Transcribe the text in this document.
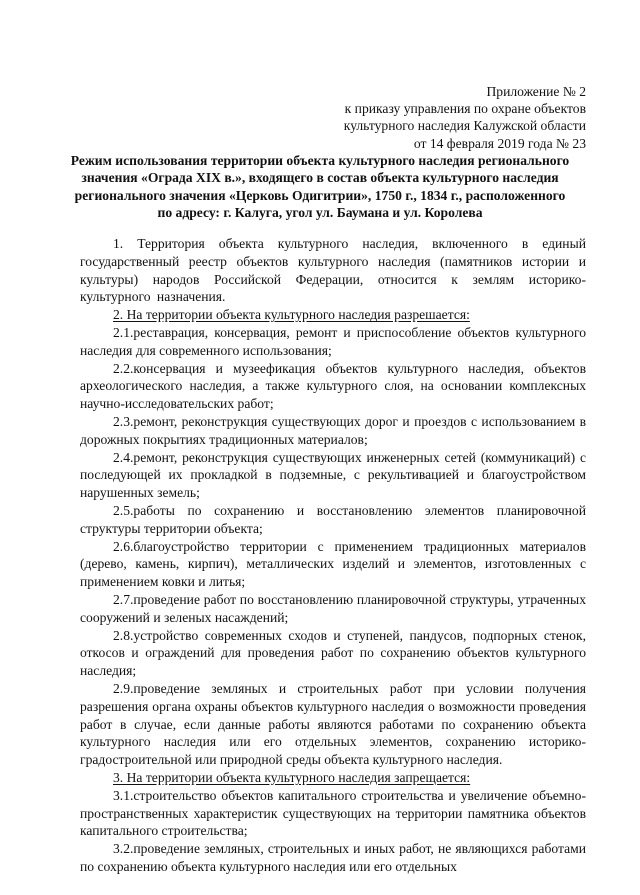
Приложение № 2
к приказу управления по охране объектов
культурного наследия Калужской области
от 14 февраля 2019 года № 23
Режим использования территории объекта культурного наследия регионального
значения «Ограда XIX в.», входящего в состав объекта культурного наследия
регионального значения «Церковь Одигитрии», 1750 г., 1834 г., расположенного
по адресу: г. Калуга, угол ул. Баумана и ул. Королева

1. Территория объекта культурного наследия, включенного в единый государственный реестр объектов культурного наследия (памятников истории и культуры) народов Российской Федерации, относится к землям историко-культурного назначения.

2. На территории объекта культурного наследия разрешается:

2.1.реставрация, консервация, ремонт и приспособление объектов культурного наследия для современного использования;

2.2.консервация и музеефикация объектов культурного наследия, объектов археологического наследия, а также культурного слоя, на основании комплексных научно-исследовательских работ;

2.3.ремонт, реконструкция существующих дорог и проездов с использованием в дорожных покрытиях традиционных материалов;

2.4.ремонт, реконструкция существующих инженерных сетей (коммуникаций) с последующей их прокладкой в подземные, с рекультивацией и благоустройством нарушенных земель;

2.5.работы по сохранению и восстановлению элементов планировочной структуры территории объекта;

2.6.благоустройство территории с применением традиционных материалов (дерево, камень, кирпич), металлических изделий и элементов, изготовленных с применением ковки и литья;

2.7.проведение работ по восстановлению планировочной структуры, утраченных сооружений и зеленых насаждений;

2.8.устройство современных сходов и ступеней, пандусов, подпорных стенок, откосов и ограждений для проведения работ по сохранению объектов культурного наследия;

2.9.проведение земляных и строительных работ при условии получения разрешения органа охраны объектов культурного наследия о возможности проведения работ в случае, если данные работы являются работами по сохранению объекта культурного наследия или его отдельных элементов, сохранению историко-градостроительной или природной среды объекта культурного наследия.

3. На территории объекта культурного наследия запрещается:

3.1.строительство объектов капитального строительства и увеличение объемно-пространственных характеристик существующих на территории памятника объектов капитального строительства;

3.2.проведение земляных, строительных и иных работ, не являющихся работами по сохранению объекта культурного наследия или его отдельных
